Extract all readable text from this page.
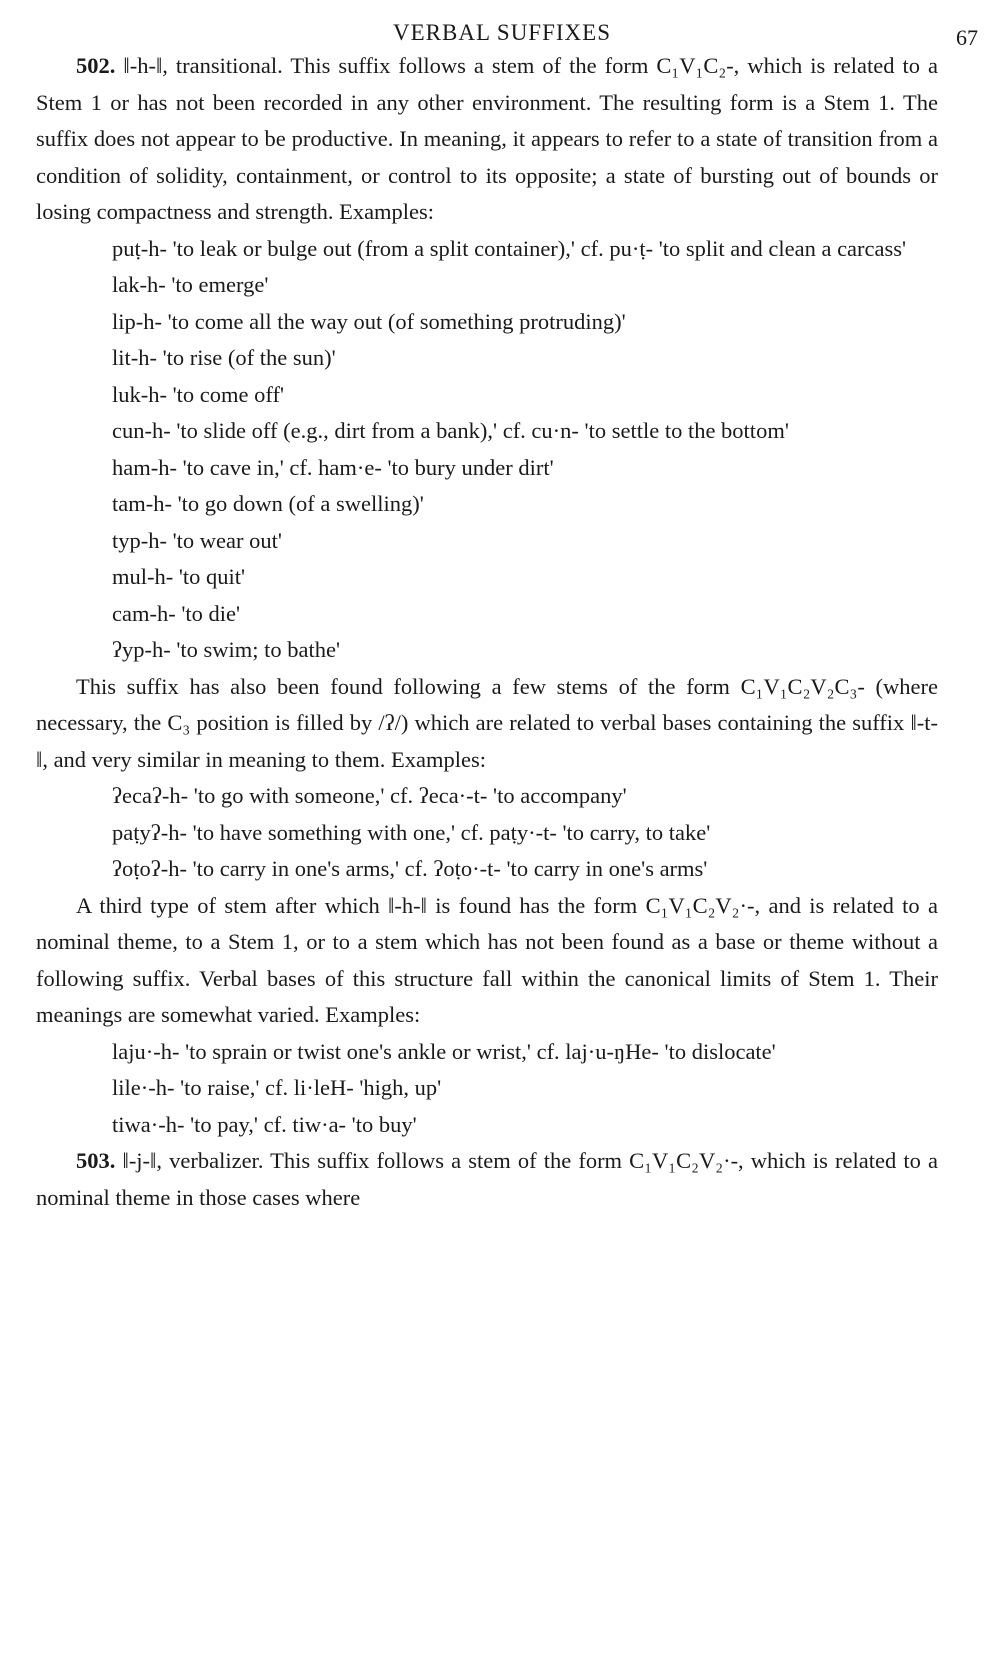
VERBAL SUFFIXES	67

502. ‖-h-‖, transitional. This suffix follows a stem of the form C₁V₁C₂-, which is related to a Stem 1 or has not been recorded in any other environment. The resulting form is a Stem 1. The suffix does not appear to be productive. In meaning, it appears to refer to a state of transition from a condition of solidity, containment, or control to its opposite; a state of bursting out of bounds or losing compactness and strength. Examples:

puṭ-h- 'to leak or bulge out (from a split container),' cf. pu·ṭ- 'to split and clean a carcass'
lak-h- 'to emerge'
lip-h- 'to come all the way out (of something protruding)'
lit-h- 'to rise (of the sun)'
luk-h- 'to come off'
cun-h- 'to slide off (e.g., dirt from a bank),' cf. cu·n- 'to settle to the bottom'
ham-h- 'to cave in,' cf. ham·e- 'to bury under dirt'
tam-h- 'to go down (of a swelling)'
typ-h- 'to wear out'
mul-h- 'to quit'
cam-h- 'to die'
ʔyp-h- 'to swim; to bathe'

This suffix has also been found following a few stems of the form C₁V₁C₂V₂C₃- (where necessary, the C₃ position is filled by /ʔ/) which are related to verbal bases containing the suffix ‖-t-‖, and very similar in meaning to them. Examples:

ʔecaʔ-h- 'to go with someone,' cf. ʔeca·-t- 'to accompany'
paṭyʔ-h- 'to have something with one,' cf. paṭy·-t- 'to carry, to take'
ʔoṭoʔ-h- 'to carry in one's arms,' cf. ʔoṭo·-t- 'to carry in one's arms'

A third type of stem after which ‖-h-‖ is found has the form C₁V₁C₂V₂·-, and is related to a nominal theme, to a Stem 1, or to a stem which has not been found as a base or theme without a following suffix. Verbal bases of this structure fall within the canonical limits of Stem 1. Their meanings are somewhat varied. Examples:

laju·-h- 'to sprain or twist one's ankle or wrist,' cf. laj·u-ŋHe- 'to dislocate'
lile·-h- 'to raise,' cf. li·leH- 'high, up'
tiwa·-h- 'to pay,' cf. tiw·a- 'to buy'

503. ‖-j-‖, verbalizer. This suffix follows a stem of the form C₁V₁C₂V₂·-, which is related to a nominal theme in those cases where
